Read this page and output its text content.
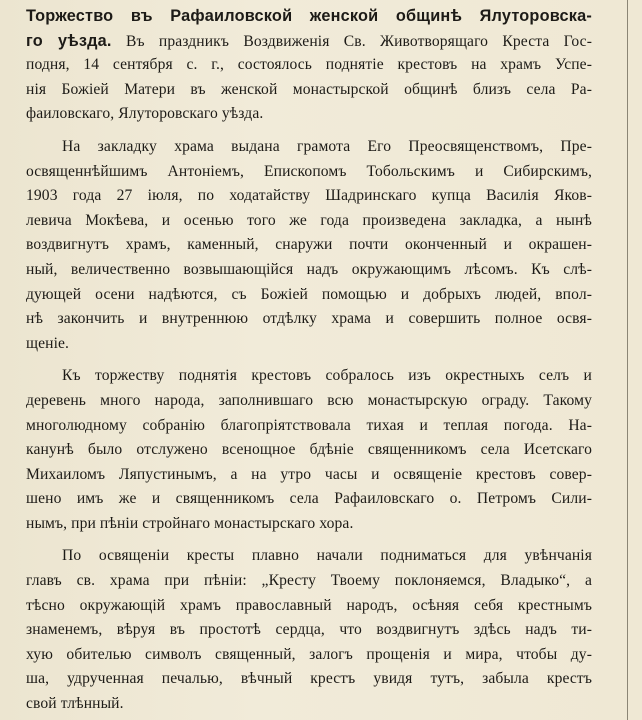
Торжество въ Рафаиловской женской общинѣ Ялуторовска-
го уѣзда. Въ праздникъ Воздвиженія Св. Животворящаго Креста Гос-
подня, 14 сентября с. г., состоялось поднятіе крестовъ на храмъ Успе-
нія Божіей Матери въ женской монастырской общинѣ близъ села Ра-
фаиловскаго, Ялуторовскаго уѣзда.
На закладку храма выдана грамота Его Преосвященствомъ, Пре-
освященнѣйшимъ Антоніемъ, Епископомъ Тобольскимъ и Сибирскимъ,
1903 года 27 іюля, по ходатайству Шадринскаго купца Василія Яков-
левича Мокѣева, и осенью того же года произведена закладка, а нынѣ
воздвигнутъ храмъ, каменный, снаружи почти оконченный и окрашен-
ный, величественно возвышающійся надъ окружающимъ лѣсомъ. Къ слѣ-
дующей осени надѣются, съ Божіей помощью и добрыхъ людей, впол-
нѣ закончить и внутреннюю отдѣлку храма и совершить полное освя-
щеніе.
Къ торжеству поднятія крестовъ собралось изъ окрестныхъ селъ и
деревень много народа, заполнившаго всю монастырскую ограду. Такому
многолюдному собранію благопріятствовала тихая и теплая погода. На-
канунѣ было отслужено всенощное бдѣніе священникомъ села Исетскаго
Михаиломъ Ляпустинымъ, а на утро часы и освященіе крестовъ совер-
шено имъ же и священникомъ села Рафаиловскаго о. Петромъ Сили-
нымъ, при пѣніи стройнаго монастырскаго хора.
По освященіи кресты плавно начали подниматься для увѣнчанія
главъ св. храма при пѣніи: „Кресту Твоему поклоняемся, Владыко“, а
тѣсно окружающій храмъ православный народъ, осѣняя себя крестнымъ
знаменемъ, вѣруя въ простотѣ сердца, что воздвигнутъ здѣсь надъ ти-
хую обителью символъ священный, залогъ прощенія и мира, чтобы ду-
ша, удрученная печалью, вѣчный крестъ увидя тутъ, забыла крестъ
свой тлѣнный.
